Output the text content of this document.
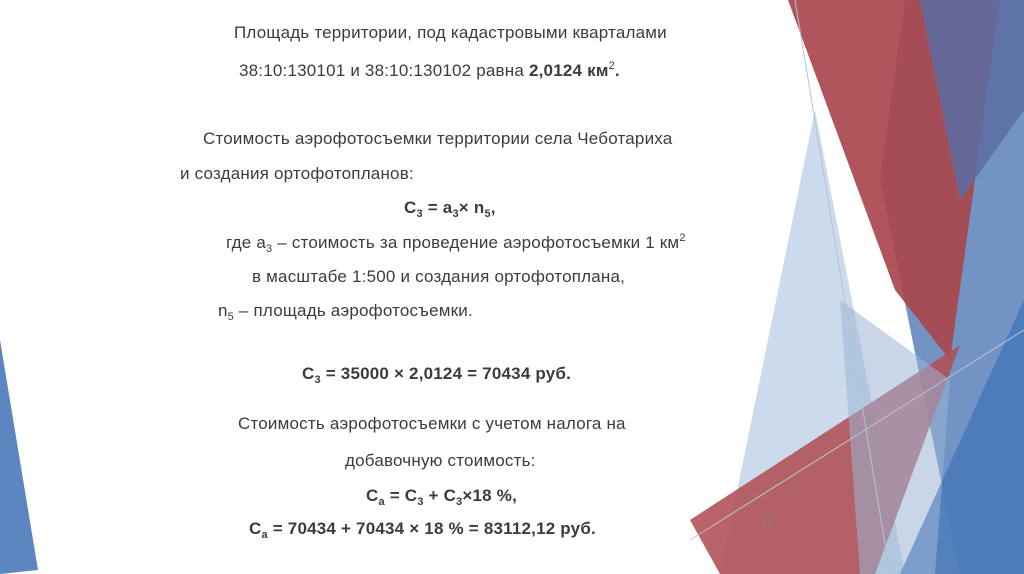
Площадь территории, под кадастровыми кварталами
38:10:130101 и 38:10:130102 равна 2,0124 $км^2$.
Стоимость аэрофотосъемки территории села Чеботариха
и создания ортофотопланов:
$С_3 = а_3\times n_5$,
где $а_3$ – стоимость за проведение аэрофотосъемки 1 $км^2$
в масштабе 1:500 и создания ортофотоплана,
$n_5$ – площадь аэрофотосъемки.
$С_3 = 35000 \times 2,0124 = 70434$ руб.
Стоимость аэрофотосъемки с учетом налога на
добавочную стоимость:
$С_а = С_3 + С_3\times 18$ %,
$С_а = 70434 + 70434 \times 18$ % = 83112,12 руб.	21
